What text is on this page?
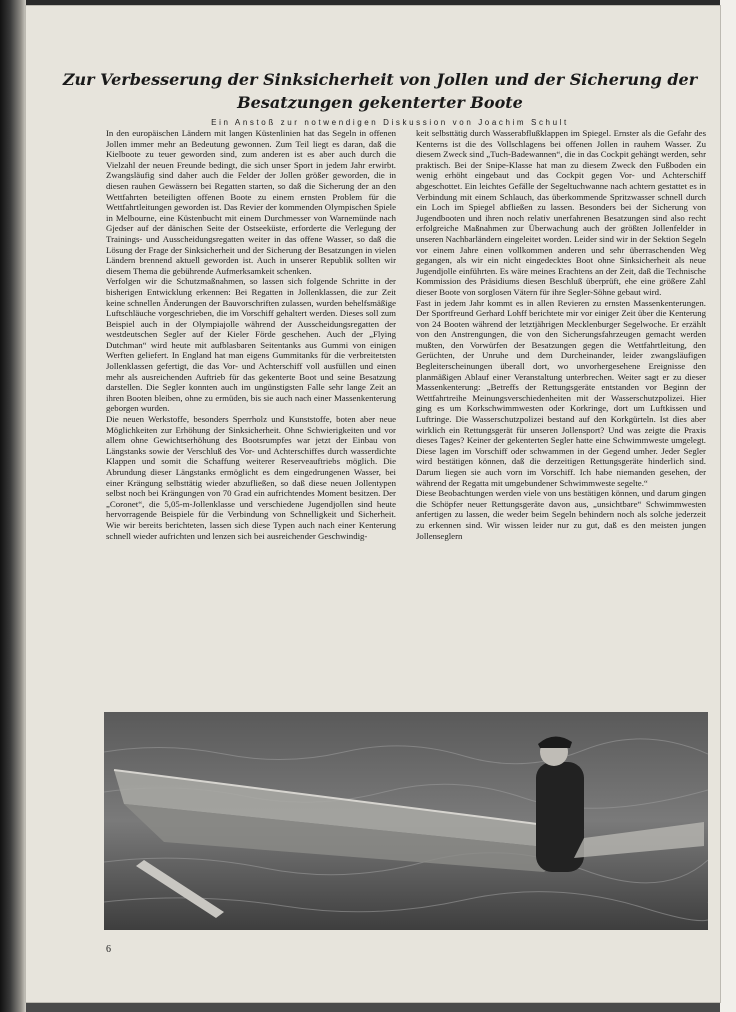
Zur Verbesserung der Sinksicherheit von Jollen und der Sicherung der Besatzungen gekenterter Boote
Ein Anstoß zur notwendigen Diskussion von Joachim Schult

In den europäischen Ländern mit langen Küstenlinien hat das Segeln in offenen Jollen immer mehr an Bedeutung gewonnen. Zum Teil liegt es daran, daß die Kielboote zu teuer geworden sind, zum anderen ist es aber auch durch die Vielzahl der neuen Freunde bedingt, die sich unser Sport in jedem Jahr erwirbt. Zwangsläufig sind daher auch die Felder der Jollen größer geworden, die in diesen rauhen Gewässern bei Regatten starten, so daß die Sicherung der an den Wettfahrten beteiligten offenen Boote zu einem ernsten Problem für die Wettfahrtleitungen geworden ist. Das Revier der kommenden Olympischen Spiele in Melbourne, eine Küstenbucht mit einem Durchmesser von Warnemünde nach Gjedser auf der dänischen Seite der Ostseeküste, erforderte die Verlegung der Trainings- und Ausscheidungsregatten weiter in das offene Wasser, so daß die Lösung der Frage der Sinksicherheit und der Sicherung der Besatzungen in vielen Ländern brennend aktuell geworden ist. Auch in unserer Republik sollten wir diesem Thema die gebührende Aufmerksamkeit schenken.

Verfolgen wir die Schutzmaßnahmen, so lassen sich folgende Schritte in der bisherigen Entwicklung erkennen: Bei Regatten in Jollenklassen, die zur Zeit keine schnellen Änderungen der Bauvorschriften zulassen, wurden behelfsmäßige Luftschläuche vorgeschrieben, die im Vorschiff gehaltert werden. Dieses soll zum Beispiel auch in der Olympiajolle während der Ausscheidungsregatten der westdeutschen Segler auf der Kieler Förde geschehen. Auch der „Flying Dutchman“ wird heute mit aufblasbaren Seitentanks aus Gummi von einigen Werften geliefert. In England hat man eigens Gummitanks für die verbreitetsten Jollenklassen gefertigt, die das Vor- und Achterschiff voll ausfüllen und einen mehr als ausreichenden Auftrieb für das gekenterte Boot und seine Besatzung darstellen. Die Segler konnten auch im ungünstigsten Falle sehr lange Zeit an ihren Booten bleiben, ohne zu ermüden, bis sie auch nach einer Massenkenterung geborgen wurden.

Die neuen Werkstoffe, besonders Sperrholz und Kunststoffe, boten aber neue Möglichkeiten zur Erhöhung der Sinksicherheit. Ohne Schwierigkeiten und vor allem ohne Gewichtserhöhung des Bootsrumpfes war jetzt der Einbau von Längstanks sowie der Verschluß des Vor- und Achterschiffes durch wasserdichte Klappen und somit die Schaffung weiterer Reserveauftriebs möglich. Die Abrundung dieser Längstanks ermöglicht es dem eingedrungenen Wasser, bei einer Krängung selbsttätig wieder abzufließen, so daß diese neuen Jollentypen selbst noch bei Krängungen von 70 Grad ein aufrichtendes Moment besitzen. Der „Coronet“, die 5,05-m-Jollenklasse und verschiedene Jugendjollen sind heute hervorragende Beispiele für die Verbindung von Schnelligkeit und Sicherheit. Wie wir bereits berichteten, lassen sich diese Typen auch nach einer Kenterung schnell wieder aufrichten und lenzen sich bei ausreichender Geschwindig-

keit selbsttätig durch Wasserabflußklappen im Spiegel. Ernster als die Gefahr des Kenterns ist die des Vollschlagens bei offenen Jollen in rauhem Wasser. Zu diesem Zweck sind „Tuch-Badewannen“, die in das Cockpit gehängt werden, sehr praktisch. Bei der Snipe-Klasse hat man zu diesem Zweck den Fußboden ein wenig erhöht eingebaut und das Cockpit gegen Vor- und Achterschiff abgeschottet. Ein leichtes Gefälle der Segeltuchwanne nach achtern gestattet es in Verbindung mit einem Schlauch, das überkommende Spritzwasser schnell durch ein Loch im Spiegel abfließen zu lassen. Besonders bei der Sicherung von Jugendbooten und ihren noch relativ unerfahrenen Besatzungen sind also recht erfolgreiche Maßnahmen zur Überwachung auch der größten Jollenfelder in unseren Nachbarländern eingeleitet worden. Leider sind wir in der Sektion Segeln vor einem Jahre einen vollkommen anderen und sehr überraschenden Weg gegangen, als wir ein nicht eingedecktes Boot ohne Sinksicherheit als neue Jugendjolle einführten. Es wäre meines Erachtens an der Zeit, daß die Technische Kommission des Präsidiums diesen Beschluß überprüft, ehe eine größere Zahl dieser Boote von sorglosen Vätern für ihre Segler-Söhne gebaut wird.

Fast in jedem Jahr kommt es in allen Revieren zu ernsten Massenkenterungen. Der Sportfreund Gerhard Lohff berichtete mir vor einiger Zeit über die Kenterung von 24 Booten während der letztjährigen Mecklenburger Segelwoche. Er erzählt von den Anstrengungen, die von den Sicherungsfahrzeugen gemacht werden mußten, den Vorwürfen der Besatzungen gegen die Wettfahrtleitung, den Gerüchten, der Unruhe und dem Durcheinander, leider zwangsläufigen Begleiterscheinungen überall dort, wo unvorhergesehene Ereignisse den planmäßigen Ablauf einer Veranstaltung unterbrechen. Weiter sagt er zu dieser Massenkenterung: „Betreffs der Rettungsgeräte entstanden vor Beginn der Wettfahrtreihe Meinungsverschiedenheiten mit der Wasserschutzpolizei. Hier ging es um Korkschwimmwesten oder Korkringe, dort um Luftkissen und Luftringe. Die Wasserschutzpolizei bestand auf den Korkgürteln. Ist dies aber wirklich ein Rettungsgerät für unseren Jollensport? Und was zeigte die Praxis dieses Tages? Keiner der gekenterten Segler hatte eine Schwimmweste umgelegt. Diese lagen im Vorschiff oder schwammen in der Gegend umher. Jeder Segler wird bestätigen können, daß die derzeitigen Rettungsgeräte hinderlich sind. Darum liegen sie auch vorn im Vorschiff. Ich habe niemanden gesehen, der während der Regatta mit umgebundener Schwimmweste segelte.“

Diese Beobachtungen werden viele von uns bestätigen können, und darum gingen die Schöpfer neuer Rettungsgeräte davon aus, „unsichtbare“ Schwimmwesten anfertigen zu lassen, die weder beim Segeln behindern noch als solche jederzeit zu erkennen sind. Wir wissen leider nur zu gut, daß es den meisten jungen Jollenseglern

6
